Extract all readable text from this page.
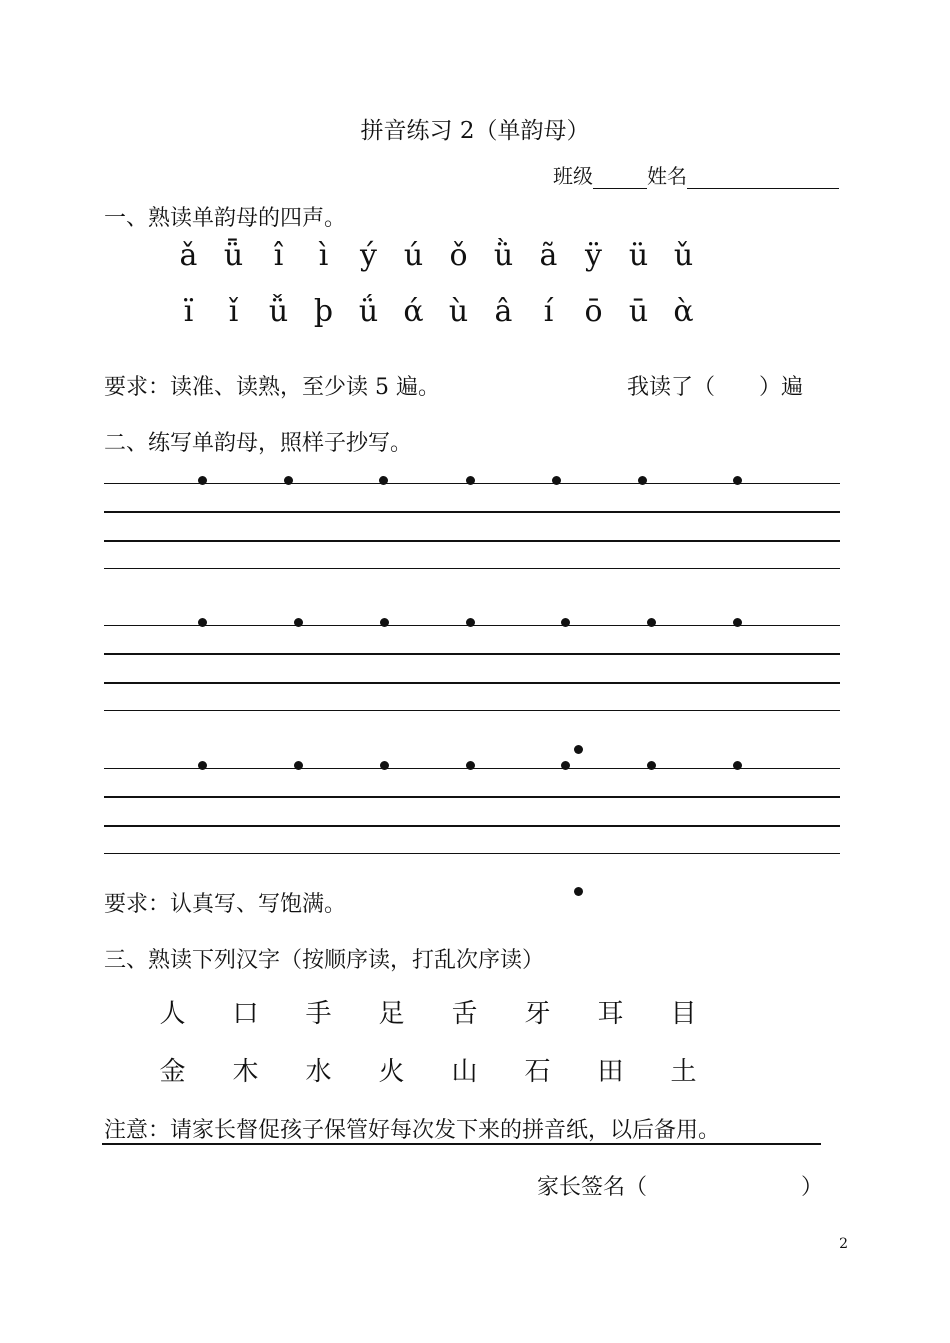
拼音练习 2（单韵母）
班级	姓名
一、熟读单韵母的四声。
ǎ ǖ	î	ì	ý ú ǒ ǜ ã ÿ ü ǔ
ï	ǐ	ǚ þ ǘ ά ù â	í	ō ū ὰ
要求：读准、读熟，至少读 5 遍。	我读了（　　）遍
二、练写单韵母，照样子抄写。
要求：认真写、写饱满。
三、熟读下列汉字（按顺序读，打乱次序读）
人	口	手	足	舌	牙	耳	目
金	木	水	火	山	石	田	土
注意：请家长督促孩子保管好每次发下来的拼音纸，以后备用。
家长签名（　　　　　　　）
2
